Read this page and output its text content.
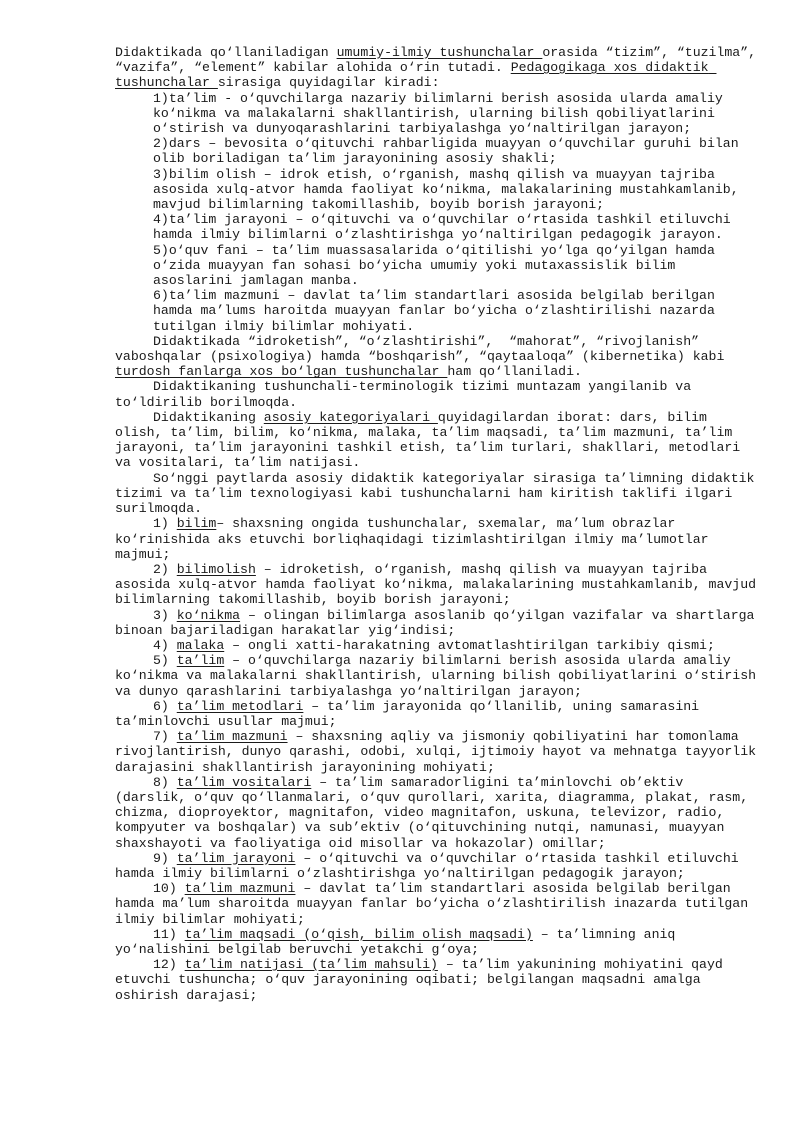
Didaktikada qo‘llaniladigan umumiy-ilmiy tushunchalar orasida “tizim”, “tuzilma”, “vazifa”, “element” kabilar alohida o‘rin tutadi. Pedagogikaga xos didaktik tushunchalar sirasiga quyidagilar kiradi:

1)ta’lim - o‘quvchilarga nazariy bilimlarni berish asosida ularda amaliy ko‘nikma va malakalarni shakllantirish, ularning bilish qobiliyatlarini o‘stirish va dunyoqarashlarini tarbiyalashga yo‘naltirilgan jarayon;

2)dars – bevosita o‘qituvchi rahbarligida muayyan o‘quvchilar guruhi bilan olib boriladigan ta’lim jarayonining asosiy shakli;

3)bilim olish – idrok etish, o‘rganish, mashq qilish va muayyan tajriba asosida xulq-atvor hamda faoliyat ko‘nikma, malakalarining mustahkamlanib, mavjud bilimlarning takomillashib, boyib borish jarayoni;

4)ta’lim jarayoni – o‘qituvchi va o‘quvchilar o‘rtasida tashkil etiluvchi hamda ilmiy bilimlarni o‘zlashtirishga yo‘naltirilgan pedagogik jarayon.

5)o‘quv fani – ta’lim muassasalarida o‘qitilishi yo‘lga qo‘yilgan hamda o‘zida muayyan fan sohasi bo‘yicha umumiy yoki mutaxassislik bilim asoslarini jamlagan manba.

6)ta’lim mazmuni – davlat ta’lim standartlari asosida belgilab berilgan hamda ma’lums haroitda muayyan fanlar bo‘yicha o‘zlashtirilishi nazarda tutilgan ilmiy bilimlar mohiyati.

Didaktikada “idroketish”, “o‘zlashtirishi”,  “mahorat”, “rivojlanish” vaboshqalar (psixologiya) hamda “boshqarish”, “qaytaaloqa” (kibernetika) kabi turdosh fanlarga xos bo‘lgan tushunchalar ham qo‘llaniladi.

Didaktikaning tushunchali-terminologik tizimi muntazam yangilanib va to‘ldirilib borilmoqda.

Didaktikaning asosiy kategoriyalari quyidagilardan iborat: dars, bilim olish, ta’lim, bilim, ko‘nikma, malaka, ta’lim maqsadi, ta’lim mazmuni, ta’lim jarayoni, ta’lim jarayonini tashkil etish, ta’lim turlari, shakllari, metodlari va vositalari, ta’lim natijasi.

So‘nggi paytlarda asosiy didaktik kategoriyalar sirasiga ta’limning didaktik tizimi va ta’lim texnologiyasi kabi tushunchalarni ham kiritish taklifi ilgari surilmoqda.

1) bilim– shaxsning ongida tushunchalar, sxemalar, ma’lum obrazlar ko‘rinishida aks etuvchi borliqhaqidagi tizimlashtirilgan ilmiy ma’lumotlar majmui;

2) bilimolish – idroketish, o‘rganish, mashq qilish va muayyan tajriba asosida xulq-atvor hamda faoliyat ko‘nikma, malakalarining mustahkamlanib, mavjud bilimlarning takomillashib, boyib borish jarayoni;

3) ko‘nikma – olingan bilimlarga asoslanib qo‘yilgan vazifalar va shartlarga binoan bajariladigan harakatlar yig‘indisi;

4) malaka – ongli xatti-harakatning avtomatlashtirilgan tarkibiy qismi;

5) ta’lim – o‘quvchilarga nazariy bilimlarni berish asosida ularda amaliy ko‘nikma va malakalarni shakllantirish, ularning bilish qobiliyatlarini o‘stirish va dunyo qarashlarini tarbiyalashga yo‘naltirilgan jarayon;

6) ta’lim metodlari – ta’lim jarayonida qo‘llanilib, uning samarasini ta’minlovchi usullar majmui;

7) ta’lim mazmuni – shaxsning aqliy va jismoniy qobiliyatini har tomonlama rivojlantirish, dunyo qarashi, odobi, xulqi, ijtimoiy hayot va mehnatga tayyorlik darajasini shakllantirish jarayonining mohiyati;

8) ta’lim vositalari – ta’lim samaradorligini ta’minlovchi ob’ektiv (darslik, o‘quv qo‘llanmalari, o‘quv qurollari, xarita, diagramma, plakat, rasm, chizma, dioproyektor, magnitafon, video magnitafon, uskuna, televizor, radio, kompyuter va boshqalar) va sub’ektiv (o‘qituvchining nutqi, namunasi, muayyan shaxshayoti va faoliyatiga oid misollar va hokazolar) omillar;

9) ta’lim jarayoni – o‘qituvchi va o‘quvchilar o‘rtasida tashkil etiluvchi hamda ilmiy bilimlarni o‘zlashtirishga yo‘naltirilgan pedagogik jarayon;

10) ta’lim mazmuni – davlat ta’lim standartlari asosida belgilab berilgan hamda ma’lum sharoitda muayyan fanlar bo‘yicha o‘zlashtirilish inazarda tutilgan ilmiy bilimlar mohiyati;

11) ta’lim maqsadi (o‘qish, bilim olish maqsadi) – ta’limning aniq yo‘nalishini belgilab beruvchi yetakchi g‘oya;

12) ta’lim natijasi (ta’lim mahsuli) – ta’lim yakunining mohiyatini qayd etuvchi tushuncha; o‘quv jarayonining oqibati; belgilangan maqsadni amalga oshirish darajasi;
